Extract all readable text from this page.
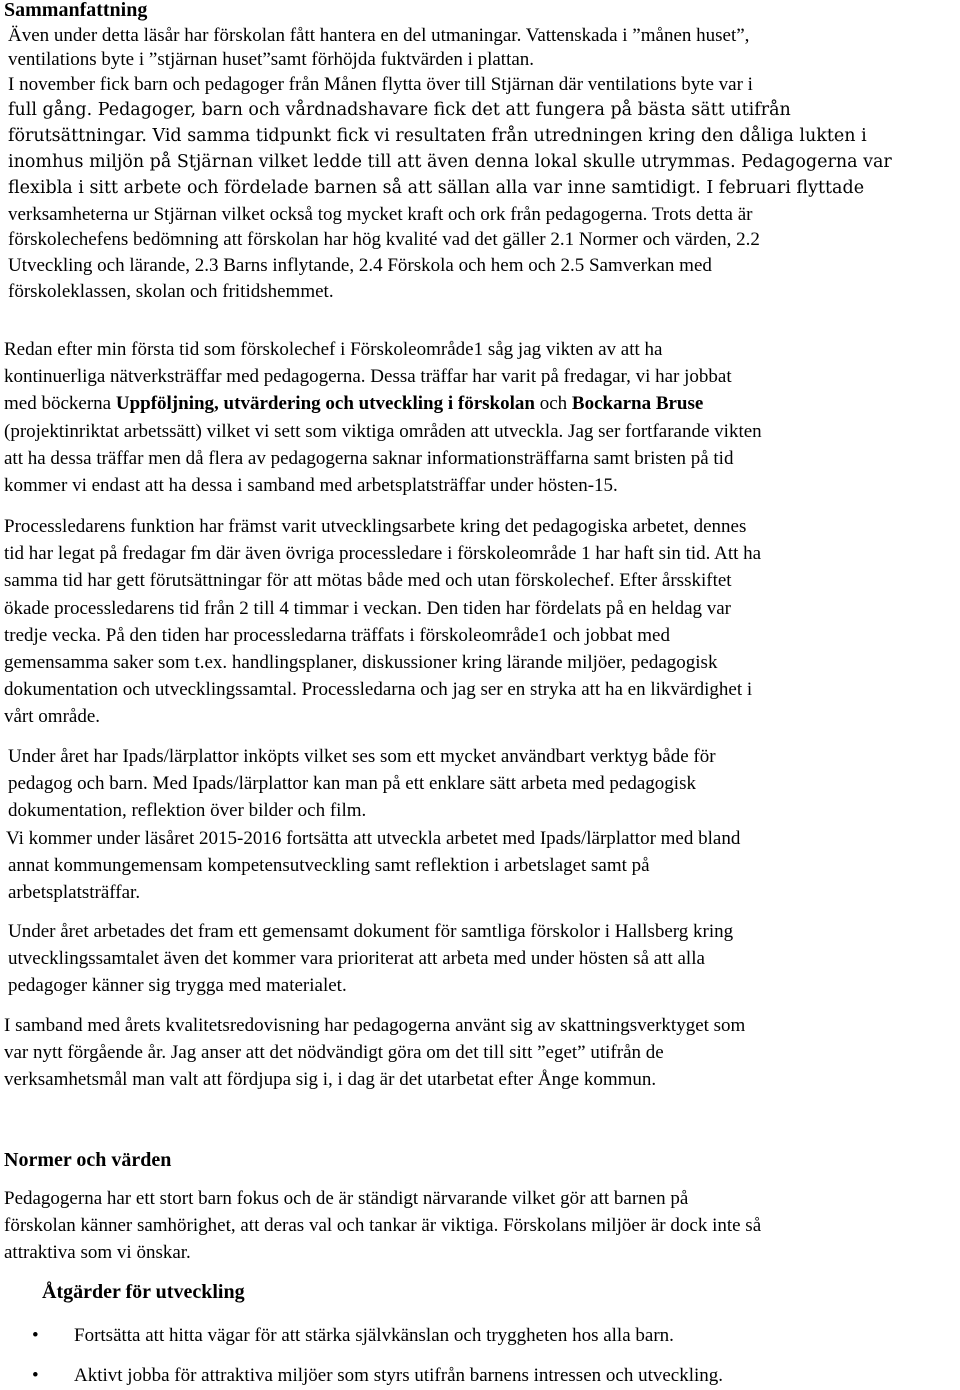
Sammanfattning
Även under detta läsår har förskolan fått hantera en del utmaningar. Vattenskada i ”månen huset”,
ventilations byte i ”stjärnan huset”samt förhöjda fuktvärden i plattan.
I november fick barn och pedagoger från Månen flytta över till Stjärnan där ventilations byte var i
full gång. Pedagoger, barn och vårdnadshavare fick det att fungera på bästa sätt utifrån
förutsättningar. Vid samma tidpunkt fick vi resultaten från utredningen kring den dåliga lukten i
inomhus miljön på Stjärnan vilket ledde till att även denna lokal skulle utrymmas. Pedagogerna var
flexibla i sitt arbete och fördelade barnen så att sällan alla var inne samtidigt. I februari flyttade
verksamheterna ur Stjärnan vilket också tog mycket kraft och ork från pedagogerna. Trots detta är
förskolechefens bedömning att förskolan har hög kvalité vad det gäller 2.1 Normer och värden, 2.2
Utveckling och lärande, 2.3 Barns inflytande, 2.4 Förskola och hem och 2.5 Samverkan med
förskoleklassen, skolan och fritidshemmet.
Redan efter min första tid som förskolechef i Förskoleområde1 såg jag vikten av att ha
kontinuerliga nätverksträffar med pedagogerna. Dessa träffar har varit på fredagar, vi har jobbat
med böckerna Uppföljning, utvärdering och utveckling i förskolan och Bockarna Bruse
(projektinriktat arbetssätt) vilket vi sett som viktiga områden att utveckla. Jag ser fortfarande vikten
att ha dessa träffar men då flera av pedagogerna saknar informationsträffarna samt bristen på tid
kommer vi endast att ha dessa i samband med arbetsplatsträffar under hösten-15.
Processledarens funktion har främst varit utvecklingsarbete kring det pedagogiska arbetet, dennes
tid har legat på fredagar fm där även övriga processledare i förskoleområde 1 har haft sin tid. Att ha
samma tid har gett förutsättningar för att mötas både med och utan förskolechef. Efter årsskiftet
ökade processledarens tid från 2 till 4 timmar i veckan. Den tiden har fördelats på en heldag var
tredje vecka. På den tiden har processledarna träffats i förskoleområde1 och jobbat med
gemensamma saker som t.ex. handlingsplaner, diskussioner kring lärande miljöer, pedagogisk
dokumentation och utvecklingssamtal. Processledarna och jag ser en stryka att ha en likvärdighet i
vårt område.
Under året har Ipads/lärplattor inköpts vilket ses som ett mycket användbart verktyg både för
pedagog och barn. Med Ipads/lärplattor kan man på ett enklare sätt arbeta med pedagogisk
dokumentation, reflektion över bilder och film.
Vi kommer under läsåret 2015-2016 fortsätta att utveckla arbetet med Ipads/lärplattor med bland
annat kommungemensam kompetensutveckling samt reflektion i arbetslaget samt på
arbetsplatsträffar.
Under året arbetades det fram ett gemensamt dokument för samtliga förskolor i Hallsberg kring
utvecklingssamtalet även det kommer vara prioriterat att arbeta med under hösten så att alla
pedagoger känner sig trygga med materialet.
I samband med årets kvalitetsredovisning har pedagogerna använt sig av skattningsverktyget som
var nytt förgående år. Jag anser att det nödvändigt göra om det till sitt ”eget” utifrån de
verksamhetsmål man valt att fördjupa sig i, i dag är det utarbetat efter Ånge kommun.
Normer och värden
Pedagogerna har ett stort barn fokus och de är ständigt närvarande vilket gör att barnen på
förskolan känner samhörighet, att deras val och tankar är viktiga. Förskolans miljöer är dock inte så
attraktiva som vi önskar.
Åtgärder för utveckling
• Fortsätta att hitta vägar för att stärka självkänslan och tryggheten hos alla barn.
• Aktivt jobba för attraktiva miljöer som styrs utifrån barnens intressen och utveckling.
